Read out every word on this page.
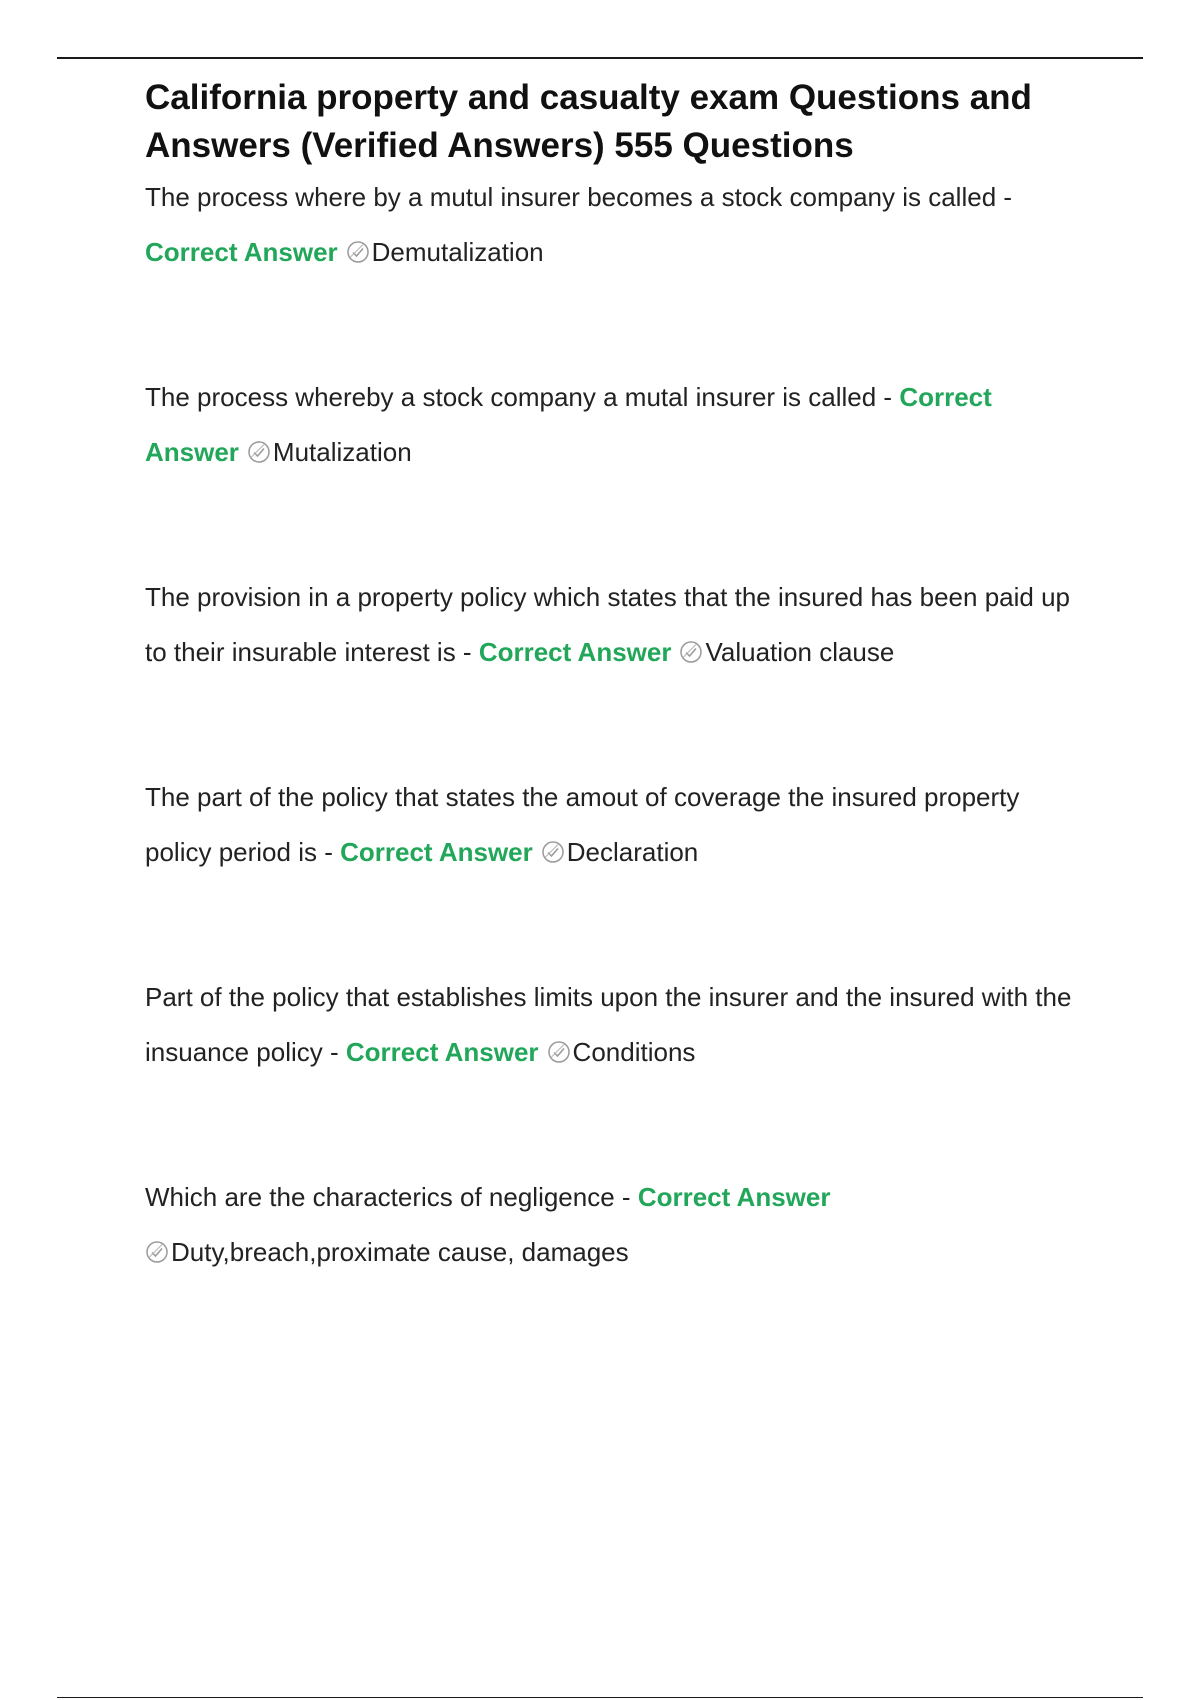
California property and casualty exam Questions and Answers (Verified Answers) 555 Questions

The process where by a mutul insurer becomes a stock company is called -
Correct Answer Demutalization

The process whereby a stock company a mutal insurer is called - Correct Answer Mutalization

The provision in a property policy which states that the insured has been paid up to their insurable interest is - Correct Answer Valuation clause

The part of the policy that states the amout of coverage the insured property policy period is - Correct Answer Declaration

Part of the policy that establishes limits upon the insurer and the insured with the insuance policy - Correct Answer Conditions

Which are the characterics of negligence - Correct Answer

Duty,breach,proximate cause, damages
